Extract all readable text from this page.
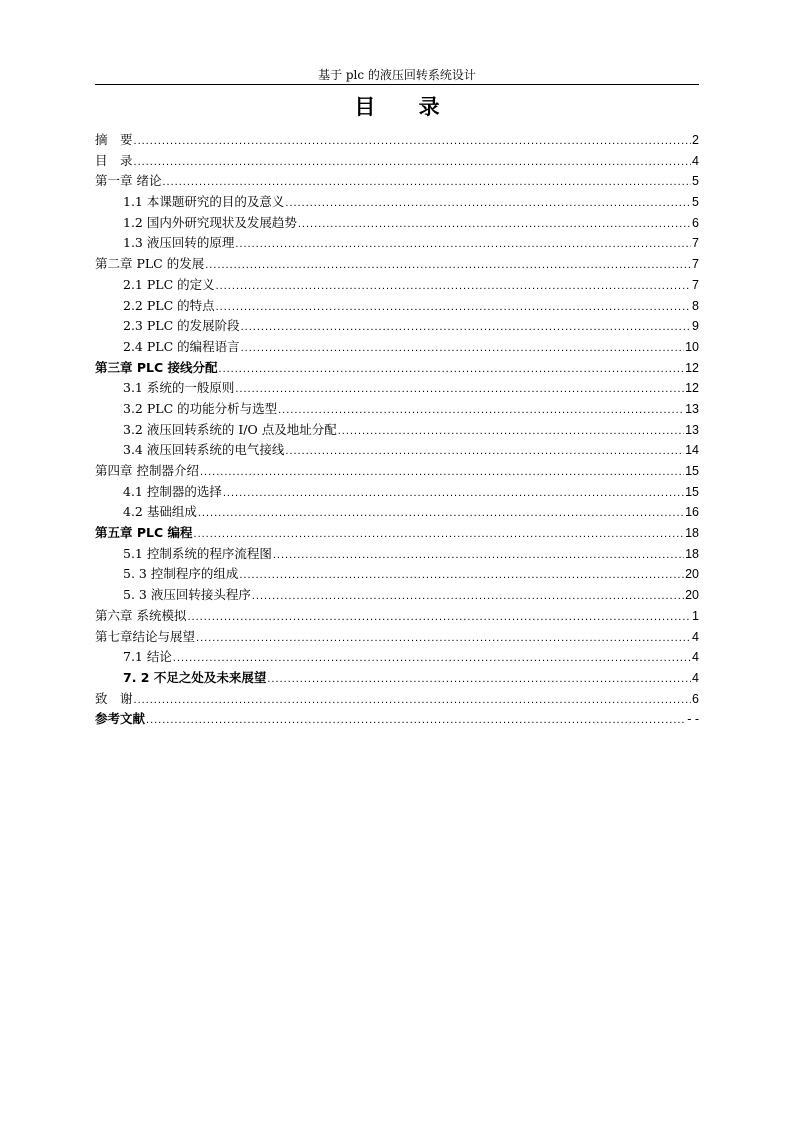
基于 plc 的液压回转系统设计
目 录
摘　要 .....	2
目　录 .....	4
第一章 绪论 .....	5
1.1 本课题研究的目的及意义 .....	5
1.2 国内外研究现状及发展趋势 .....	6
1.3 液压回转的原理 .....	7
第二章 PLC 的发展 .....	7
2.1 PLC 的定义 .....	7
2.2 PLC 的特点 .....	8
2.3 PLC 的发展阶段 .....	9
2.4 PLC 的编程语言 .....	10
第三章 PLC 接线分配 .....	12
3.1 系统的一般原则 .....	12
3.2 PLC 的功能分析与选型 .....	13
3.2 液压回转系统的 I/O 点及地址分配 .....	13
3.4 液压回转系统的电气接线 .....	14
第四章 控制器介绍 .....	15
4.1 控制器的选择 .....	15
4.2 基础组成 .....	16
第五章 PLC 编程 .....	18
5.1 控制系统的程序流程图 .....	18
5. 3 控制程序的组成 .....	20
5. 3 液压回转接头程序 .....	20
第六章 系统模拟 .....	1
第七章结论与展望 .....	4
7.1 结论 .....	4
7. 2 不足之处及未来展望 .....	4
致　谢 .....	6
参考文献 .....	- -
